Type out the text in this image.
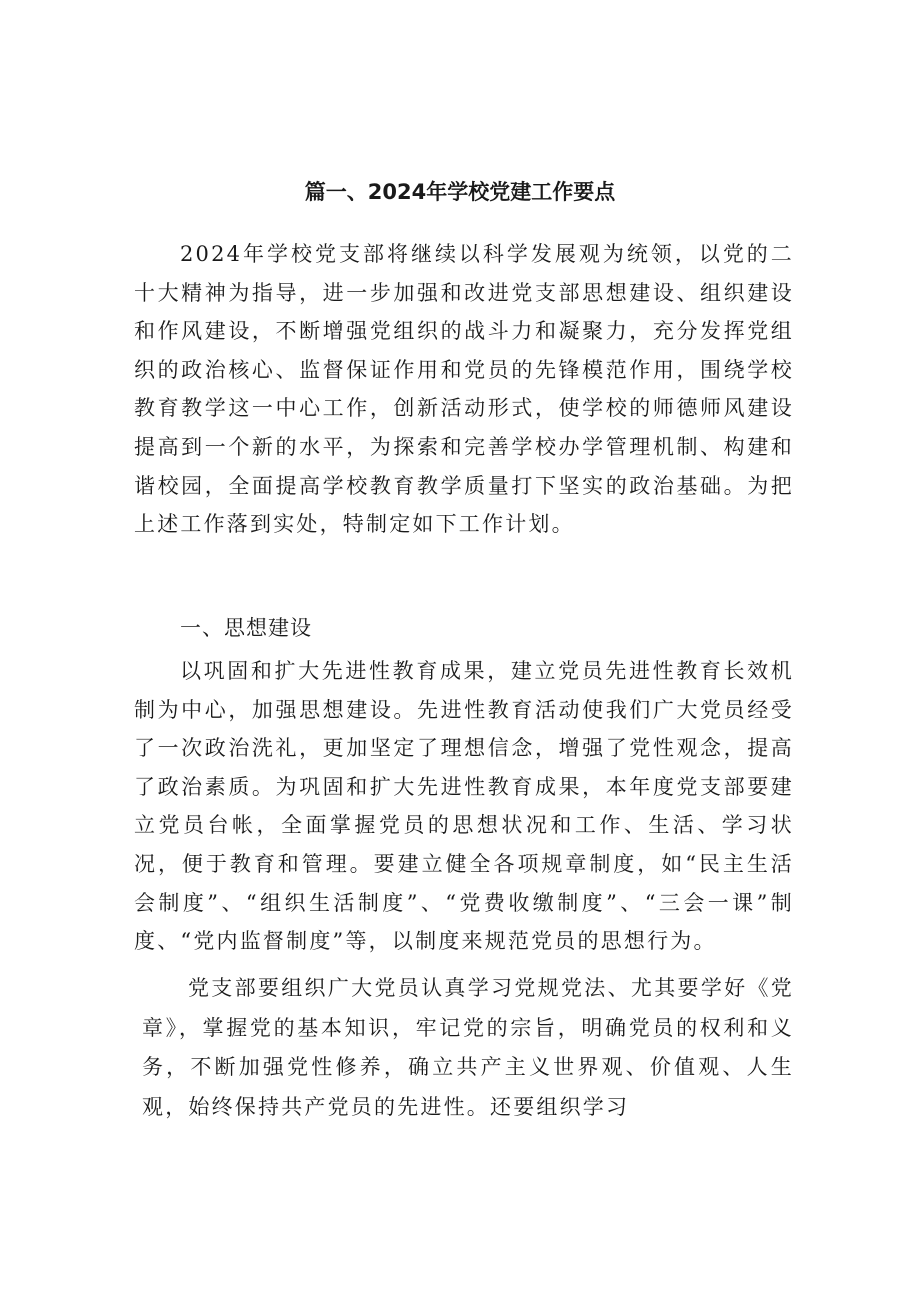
篇一、2024年学校党建工作要点

2024年学校党支部将继续以科学发展观为统领，以党的二十大精神为指导，进一步加强和改进党支部思想建设、组织建设和作风建设，不断增强党组织的战斗力和凝聚力，充分发挥党组织的政治核心、监督保证作用和党员的先锋模范作用，围绕学校教育教学这一中心工作，创新活动形式，使学校的师德师风建设提高到一个新的水平，为探索和完善学校办学管理机制、构建和谐校园，全面提高学校教育教学质量打下坚实的政治基础。为把上述工作落到实处，特制定如下工作计划。

一、思想建设

以巩固和扩大先进性教育成果，建立党员先进性教育长效机制为中心，加强思想建设。先进性教育活动使我们广大党员经受了一次政治洗礼，更加坚定了理想信念，增强了党性观念，提高了政治素质。为巩固和扩大先进性教育成果，本年度党支部要建立党员台帐，全面掌握党员的思想状况和工作、生活、学习状况，便于教育和管理。要建立健全各项规章制度，如“民主生活会制度”、“组织生活制度”、“党费收缴制度”、“三会一课”制度、“党内监督制度”等，以制度来规范党员的思想行为。

党支部要组织广大党员认真学习党规党法、尤其要学好《党章》，掌握党的基本知识，牢记党的宗旨，明确党员的权利和义务，不断加强党性修养，确立共产主义世界观、价值观、人生观，始终保持共产党员的先进性。还要组织学习
